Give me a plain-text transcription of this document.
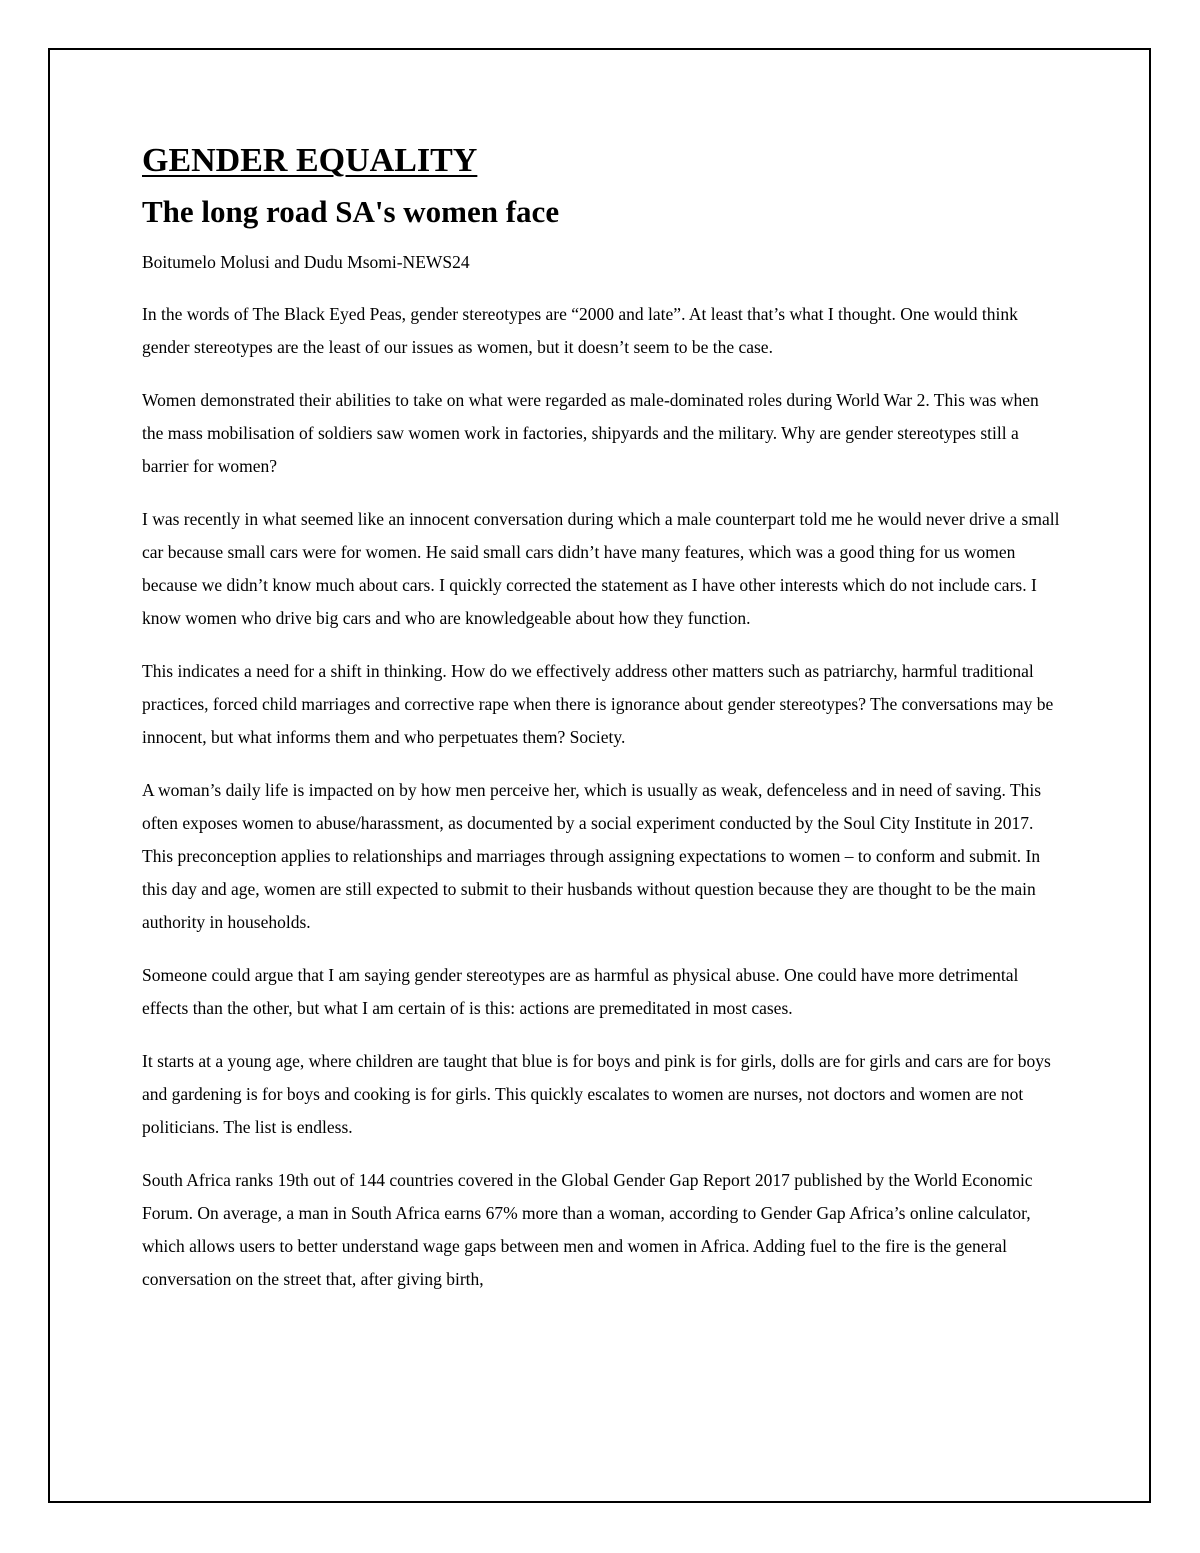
GENDER EQUALITY
The long road SA's women face

Boitumelo Molusi and Dudu Msomi-NEWS24

In the words of The Black Eyed Peas, gender stereotypes are “2000 and late”. At least that’s what I thought. One would think gender stereotypes are the least of our issues as women, but it doesn’t seem to be the case.

Women demonstrated their abilities to take on what were regarded as male-dominated roles during World War 2. This was when the mass mobilisation of soldiers saw women work in factories, shipyards and the military. Why are gender stereotypes still a barrier for women?

I was recently in what seemed like an innocent conversation during which a male counterpart told me he would never drive a small car because small cars were for women. He said small cars didn’t have many features, which was a good thing for us women because we didn’t know much about cars. I quickly corrected the statement as I have other interests which do not include cars. I know women who drive big cars and who are knowledgeable about how they function.

This indicates a need for a shift in thinking. How do we effectively address other matters such as patriarchy, harmful traditional practices, forced child marriages and corrective rape when there is ignorance about gender stereotypes? The conversations may be innocent, but what informs them and who perpetuates them? Society.

A woman’s daily life is impacted on by how men perceive her, which is usually as weak, defenceless and in need of saving. This often exposes women to abuse/harassment, as documented by a social experiment conducted by the Soul City Institute in 2017. This preconception applies to relationships and marriages through assigning expectations to women – to conform and submit. In this day and age, women are still expected to submit to their husbands without question because they are thought to be the main authority in households.

Someone could argue that I am saying gender stereotypes are as harmful as physical abuse. One could have more detrimental effects than the other, but what I am certain of is this: actions are premeditated in most cases.

It starts at a young age, where children are taught that blue is for boys and pink is for girls, dolls are for girls and cars are for boys and gardening is for boys and cooking is for girls. This quickly escalates to women are nurses, not doctors and women are not politicians. The list is endless.

South Africa ranks 19th out of 144 countries covered in the Global Gender Gap Report 2017 published by the World Economic Forum. On average, a man in South Africa earns 67% more than a woman, according to Gender Gap Africa’s online calculator, which allows users to better understand wage gaps between men and women in Africa. Adding fuel to the fire is the general conversation on the street that, after giving birth,
